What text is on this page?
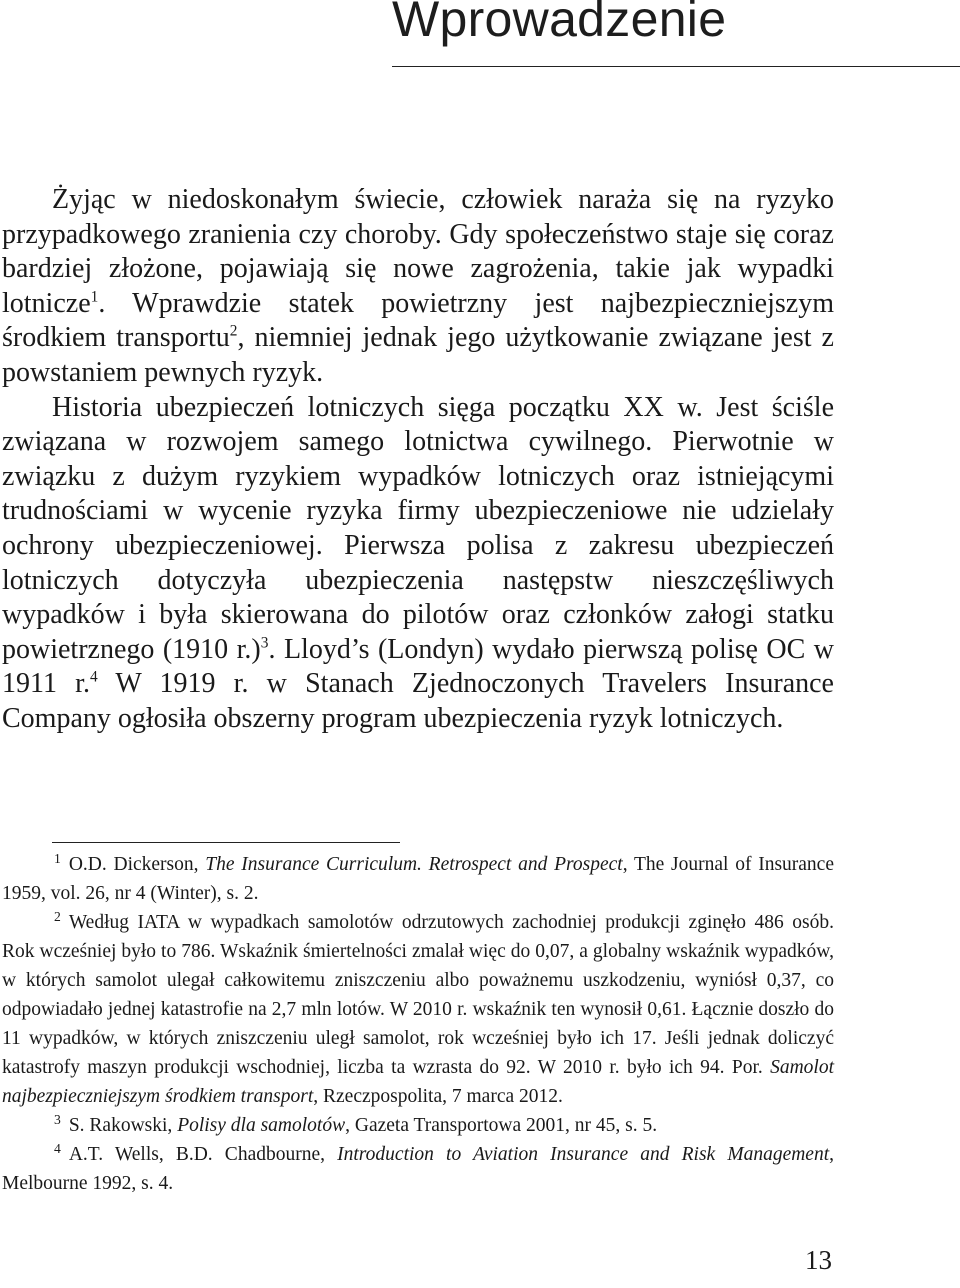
Wprowadzenie

Żyjąc w niedoskonałym świecie, człowiek naraża się na ryzyko przypadkowego zranienia czy choroby. Gdy społeczeństwo staje się coraz bardziej złożone, pojawiają się nowe zagrożenia, takie jak wypadki lotnicze$^1$. Wprawdzie statek powietrzny jest najbezpieczniejszym środkiem transportu$^2$, niemniej jednak jego użytkowanie związane jest z powstaniem pewnych ryzyk.

Historia ubezpieczeń lotniczych sięga początku XX w. Jest ściśle związana w rozwojem samego lotnictwa cywilnego. Pierwotnie w związku z dużym ryzykiem wypadków lotniczych oraz istniejącymi trudnościami w wycenie ryzyka firmy ubezpieczeniowe nie udzielały ochrony ubezpieczeniowej. Pierwsza polisa z zakresu ubezpieczeń lotniczych dotyczyła ubezpieczenia następstw nieszczęśliwych wypadków i była skierowana do pilotów oraz członków załogi statku powietrznego (1910 r.)$^3$. Lloyd’s (Londyn) wydało pierwszą polisę OC w 1911 r.$^4$ W 1919 r. w Stanach Zjednoczonych Travelers Insurance Company ogłosiła obszerny program ubezpieczenia ryzyk lotniczych.

$^1$ O.D. Dickerson, The Insurance Curriculum. Retrospect and Prospect, The Journal of Insurance 1959, vol. 26, nr 4 (Winter), s. 2.

$^2$ Według IATA w wypadkach samolotów odrzutowych zachodniej produkcji zginęło 486 osób. Rok wcześniej było to 786. Wskaźnik śmiertelności zmalał więc do 0,07, a globalny wskaźnik wypadków, w których samolot ulegał całkowitemu zniszczeniu albo poważnemu uszkodzeniu, wyniósł 0,37, co odpowiadało jednej katastrofie na 2,7 mln lotów. W 2010 r. wskaźnik ten wynosił 0,61. Łącznie doszło do 11 wypadków, w których zniszczeniu uległ samolot, rok wcześniej było ich 17. Jeśli jednak doliczyć katastrofy maszyn produkcji wschodniej, liczba ta wzrasta do 92. W 2010 r. było ich 94. Por. Samolot najbezpieczniejszym środkiem transport, Rzeczpospolita, 7 marca 2012.

$^3$ S. Rakowski, Polisy dla samolotów, Gazeta Transportowa 2001, nr 45, s. 5.

$^4$ A.T. Wells, B.D. Chadbourne, Introduction to Aviation Insurance and Risk Management, Melbourne 1992, s. 4.

13
